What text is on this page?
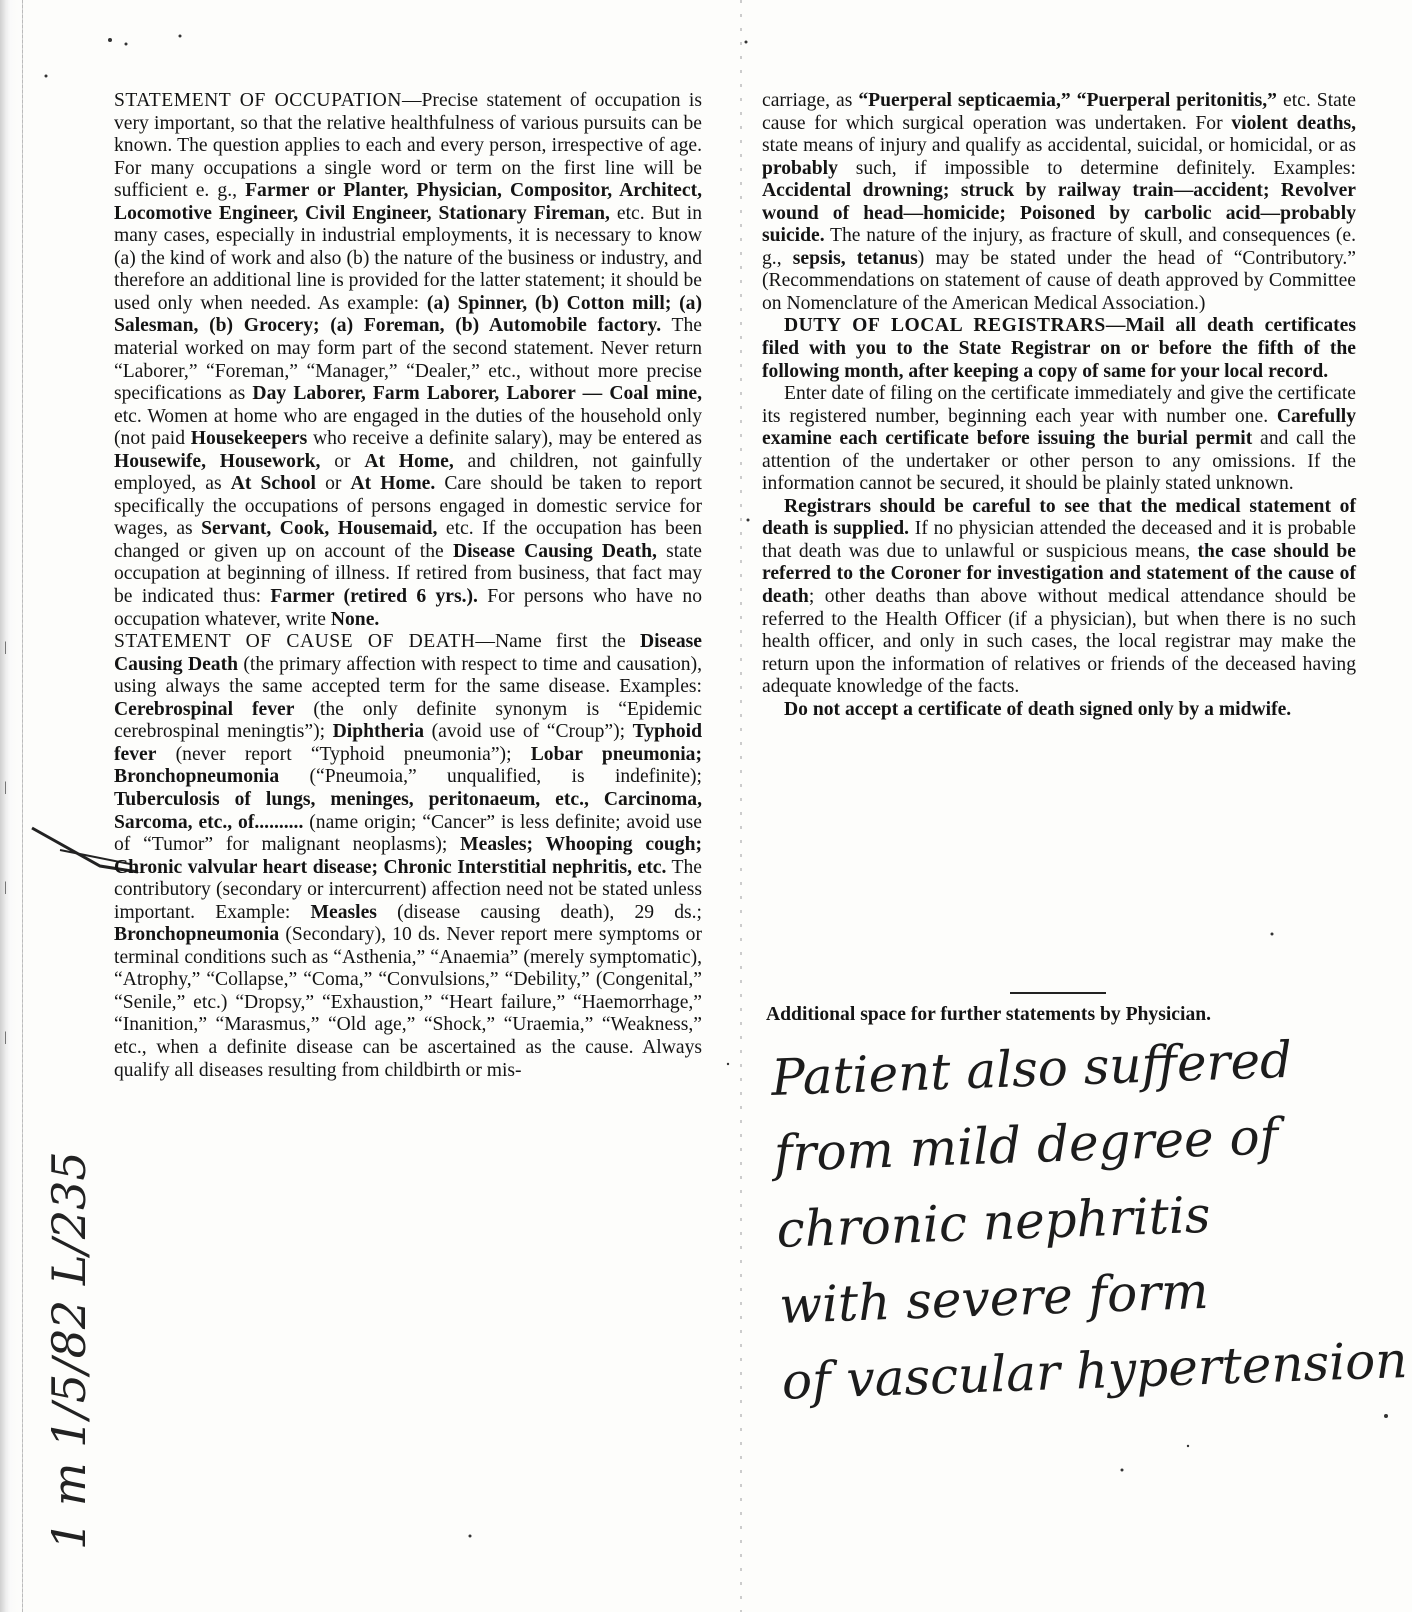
|
|
|
|

STATEMENT OF OCCUPATION—Precise statement of occupation is very important, so that the relative healthfulness of various pursuits can be known. The question applies to each and every person, irrespective of age. For many occupations a single word or term on the first line will be sufficient e. g., Farmer or Planter, Physician, Compositor, Architect, Locomotive Engineer, Civil Engineer, Stationary Fireman, etc. But in many cases, especially in industrial employments, it is necessary to know (a) the kind of work and also (b) the nature of the business or industry, and therefore an additional line is provided for the latter statement; it should be used only when needed. As example: (a) Spinner, (b) Cotton mill; (a) Salesman, (b) Grocery; (a) Foreman, (b) Automobile factory. The material worked on may form part of the second statement. Never return “Laborer,” “Foreman,” “Manager,” “Dealer,” etc., without more precise specifications as Day Laborer, Farm Laborer, Laborer — Coal mine, etc. Women at home who are engaged in the duties of the household only (not paid Housekeepers who receive a definite salary), may be entered as Housewife, Housework, or At Home, and children, not gainfully employed, as At School or At Home. Care should be taken to report specifically the occupations of persons engaged in domestic service for wages, as Servant, Cook, Housemaid, etc. If the occupation has been changed or given up on account of the Disease Causing Death, state occupation at beginning of illness. If retired from business, that fact may be indicated thus: Farmer (retired 6 yrs.). For persons who have no occupation whatever, write None.

STATEMENT OF CAUSE OF DEATH—Name first the Disease Causing Death (the primary affection with respect to time and causation), using always the same accepted term for the same disease. Examples: Cerebrospinal fever (the only definite synonym is “Epidemic cerebrospinal meningtis”); Diphtheria (avoid use of “Croup”); Typhoid fever (never report “Typhoid pneumonia”); Lobar pneumonia; Bronchopneumonia (“Pneumoia,” unqualified, is indefinite); Tuberculosis of lungs, meninges, peritonaeum, etc., Carcinoma, Sarcoma, etc., of.......... (name origin; “Cancer” is less definite; avoid use of “Tumor” for malignant neoplasms); Measles; Whooping cough; Chronic valvular heart disease; Chronic Interstitial nephritis, etc. The contributory (secondary or intercurrent) affection need not be stated unless important. Example: Measles (disease causing death), 29 ds.; Bronchopneumonia (Secondary), 10 ds. Never report mere symptoms or terminal conditions such as “Asthenia,” “Anaemia” (merely symptomatic), “Atrophy,” “Collapse,” “Coma,” “Convulsions,” “Debility,” (Congenital,” “Senile,” etc.) “Dropsy,” “Exhaustion,” “Heart failure,” “Haemorrhage,” “Inanition,” “Marasmus,” “Old age,” “Shock,” “Uraemia,” “Weakness,” etc., when a definite disease can be ascertained as the cause. Always qualify all diseases resulting from childbirth or mis-

carriage, as “Puerperal septicaemia,” “Puerperal peritonitis,” etc. State cause for which surgical operation was undertaken. For violent deaths, state means of injury and qualify as accidental, suicidal, or homicidal, or as probably such, if impossible to determine definitely. Examples: Accidental drowning; struck by railway train—accident; Revolver wound of head—homicide; Poisoned by carbolic acid—probably suicide. The nature of the injury, as fracture of skull, and consequences (e. g., sepsis, tetanus) may be stated under the head of “Contributory.” (Recommendations on statement of cause of death approved by Committee on Nomenclature of the American Medical Association.)

DUTY OF LOCAL REGISTRARS—Mail all death certificates filed with you to the State Registrar on or before the fifth of the following month, after keeping a copy of same for your local record.

Enter date of filing on the certificate immediately and give the certificate its registered number, beginning each year with number one. Carefully examine each certificate before issuing the burial permit and call the attention of the undertaker or other person to any omissions. If the information cannot be secured, it should be plainly stated unknown.

Registrars should be careful to see that the medical statement of death is supplied. If no physician attended the deceased and it is probable that death was due to unlawful or suspicious means, the case should be referred to the Coroner for investigation and statement of the cause of death; other deaths than above without medical attendance should be referred to the Health Officer (if a physician), but when there is no such health officer, and only in such cases, the local registrar may make the return upon the information of relatives or friends of the deceased having adequate knowledge of the facts.

Do not accept a certificate of death signed only by a midwife.

Additional space for further statements by Physician.
Patient also suffered
from mild degree of
chronic nephritis
with severe form
of vascular hypertension
1 m 1/5/82 L/235
